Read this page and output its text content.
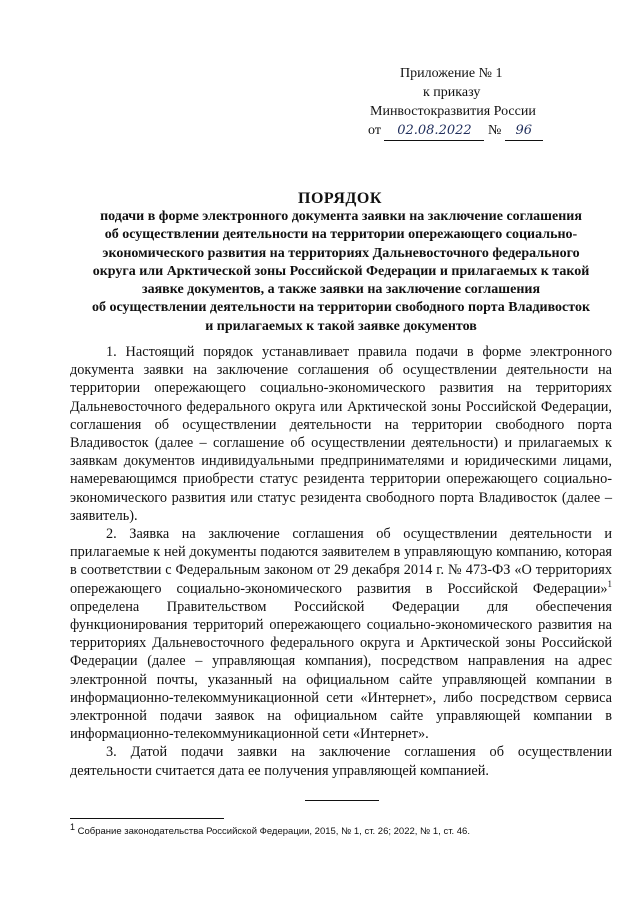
Приложение № 1
к приказу
Минвостокразвития России
от 02.08.2022 № 96
ПОРЯДОК
подачи в форме электронного документа заявки на заключение соглашения
об осуществлении деятельности на территории опережающего социально-
экономического развития на территориях Дальневосточного федерального
округа или Арктической зоны Российской Федерации и прилагаемых к такой
заявке документов, а также заявки на заключение соглашения
об осуществлении деятельности на территории свободного порта Владивосток
и прилагаемых к такой заявке документов

1. Настоящий порядок устанавливает правила подачи в форме электронного документа заявки на заключение соглашения об осуществлении деятельности на территории опережающего социально-экономического развития на территориях Дальневосточного федерального округа или Арктической зоны Российской Федерации, соглашения об осуществлении деятельности на территории свободного порта Владивосток (далее – соглашение об осуществлении деятельности) и прилагаемых к заявкам документов индивидуальными предпринимателями и юридическими лицами, намеревающимся приобрести статус резидента территории опережающего социально-экономического развития или статус резидента свободного порта Владивосток (далее – заявитель).

2. Заявка на заключение соглашения об осуществлении деятельности и прилагаемые к ней документы подаются заявителем в управляющую компанию, которая в соответствии с Федеральным законом от 29 декабря 2014 г. № 473-ФЗ «О территориях опережающего социально-экономического развития в Российской Федерации»$^1$ определена Правительством Российской Федерации для обеспечения функционирования территорий опережающего социально-экономического развития на территориях Дальневосточного федерального округа и Арктической зоны Российской Федерации (далее – управляющая компания), посредством направления на адрес электронной почты, указанный на официальном сайте управляющей компании в информационно-телекоммуникационной сети «Интернет», либо посредством сервиса электронной подачи заявок на официальном сайте управляющей компании в информационно-телекоммуникационной сети «Интернет».

3. Датой подачи заявки на заключение соглашения об осуществлении деятельности считается дата ее получения управляющей компанией.

$^1$ Собрание законодательства Российской Федерации, 2015, № 1, ст. 26; 2022, № 1, ст. 46.
